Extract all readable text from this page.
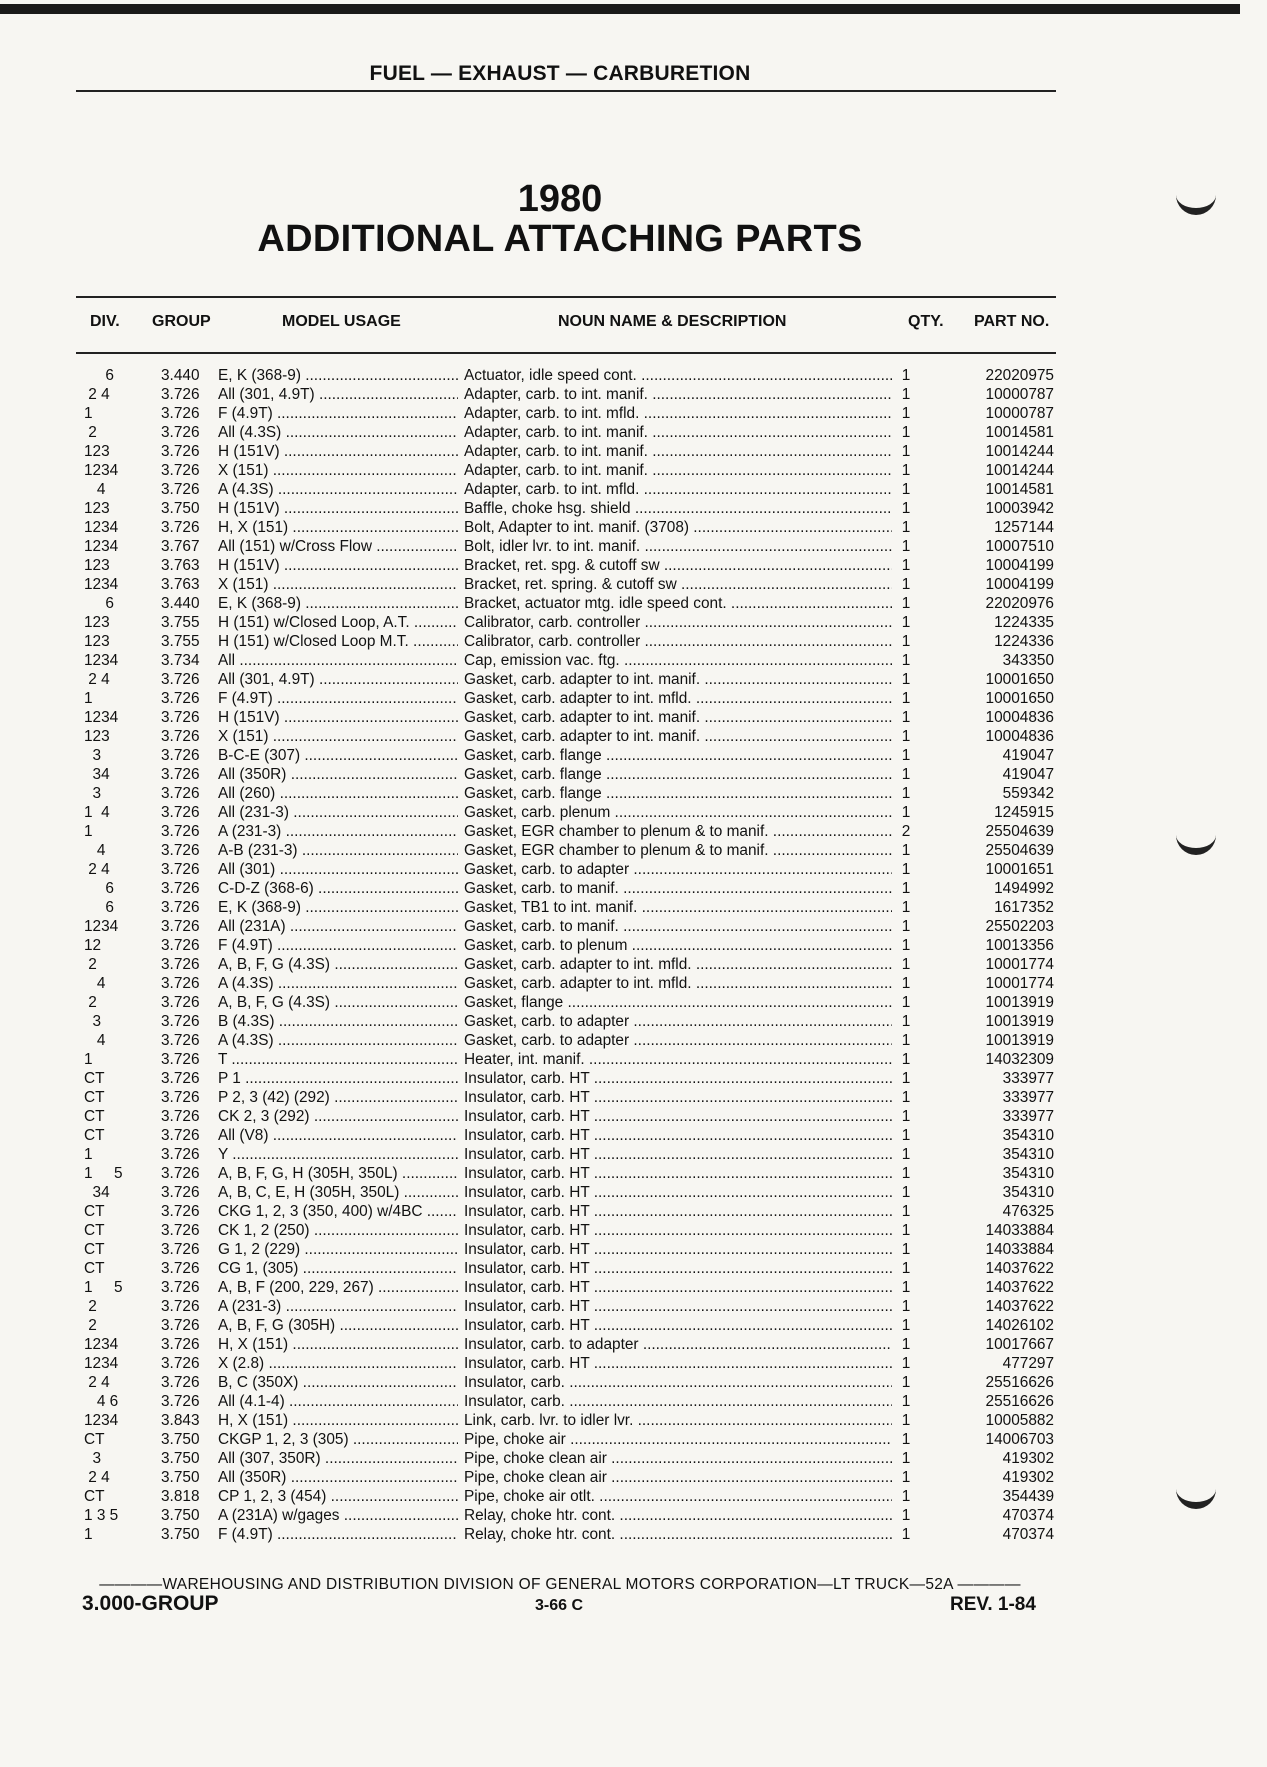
FUEL — EXHAUST — CARBURETION
1980
ADDITIONAL ATTACHING PARTS
DIV. GROUP	MODEL USAGE	NOUN NAME & DESCRIPTION	QTY. PART NO.
6	3.440	E, K (368-9) .....	Actuator, idle speed cont. .....	1	22020975
2 4	3.726	All (301, 4.9T) .....	Adapter, carb. to int. manif. .....	1	10000787
1	3.726	F (4.9T) .....	Adapter, carb. to int. mfld. .....	1	10000787
2	3.726	All (4.3S) .....	Adapter, carb. to int. manif. .....	1	10014581
123	3.726	H (151V) .....	Adapter, carb. to int. manif. .....	1	10014244
1234	3.726	X (151) .....	Adapter, carb. to int. manif. .....	1	10014244
4	3.726	A (4.3S) .....	Adapter, carb. to int. mfld. .....	1	10014581
123	3.750	H (151V) .....	Baffle, choke hsg. shield .....	1	10003942
1234	3.726	H, X (151) .....	Bolt, Adapter to int. manif. (3708) .....	1	1257144
1234	3.767	All (151) w/Cross Flow .....	Bolt, idler lvr. to int. manif. .....	1	10007510
123	3.763	H (151V) .....	Bracket, ret. spg. & cutoff sw .....	1	10004199
1234	3.763	X (151) .....	Bracket, ret. spring. & cutoff sw .....	1	10004199
6	3.440	E, K (368-9) .....	Bracket, actuator mtg. idle speed cont. .....	1	22020976
123	3.755	H (151) w/Closed Loop, A.T. .....	Calibrator, carb. controller .....	1	1224335
123	3.755	H (151) w/Closed Loop M.T. .....	Calibrator, carb. controller .....	1	1224336
1234	3.734	All .....	Cap, emission vac. ftg. .....	1	343350
2 4	3.726	All (301, 4.9T) .....	Gasket, carb. adapter to int. manif. .....	1	10001650
1	3.726	F (4.9T) .....	Gasket, carb. adapter to int. mfld. .....	1	10001650
1234	3.726	H (151V) .....	Gasket, carb. adapter to int. manif. .....	1	10004836
123	3.726	X (151) .....	Gasket, carb. adapter to int. manif. .....	1	10004836
3	3.726	B-C-E (307) .....	Gasket, carb. flange .....	1	419047
34	3.726	All (350R) .....	Gasket, carb. flange .....	1	419047
3	3.726	All (260) .....	Gasket, carb. flange .....	1	559342
1  4	3.726	All (231-3) .....	Gasket, carb. plenum .....	1	1245915
1	3.726	A (231-3) .....	Gasket, EGR chamber to plenum & to manif. .....	2	25504639
4	3.726	A-B (231-3) .....	Gasket, EGR chamber to plenum & to manif. .....	1	25504639
2 4	3.726	All (301) .....	Gasket, carb. to adapter .....	1	10001651
6	3.726	C-D-Z (368-6) .....	Gasket, carb. to manif. .....	1	1494992
6	3.726	E, K (368-9) .....	Gasket, TB1 to int. manif. .....	1	1617352
1234	3.726	All (231A) .....	Gasket, carb. to manif. .....	1	25502203
12	3.726	F (4.9T) .....	Gasket, carb. to plenum .....	1	10013356
2	3.726	A, B, F, G (4.3S) .....	Gasket, carb. adapter to int. mfld. .....	1	10001774
4	3.726	A (4.3S) .....	Gasket, carb. adapter to int. mfld. .....	1	10001774
2	3.726	A, B, F, G (4.3S) .....	Gasket, flange .....	1	10013919
3	3.726	B (4.3S) .....	Gasket, carb. to adapter .....	1	10013919
4	3.726	A (4.3S) .....	Gasket, carb. to adapter .....	1	10013919
1	3.726	T .....	Heater, int. manif. .....	1	14032309
CT	3.726	P 1 .....	Insulator, carb. HT .....	1	333977
CT	3.726	P 2, 3 (42) (292) .....	Insulator, carb. HT .....	1	333977
CT	3.726	CK 2, 3 (292) .....	Insulator, carb. HT .....	1	333977
CT	3.726	All (V8) .....	Insulator, carb. HT .....	1	354310
1	3.726	Y .....	Insulator, carb. HT .....	1	354310
1     5	3.726	A, B, F, G, H (305H, 350L) .....	Insulator, carb. HT .....	1	354310
34	3.726	A, B, C, E, H (305H, 350L) .....	Insulator, carb. HT .....	1	354310
CT	3.726	CKG 1, 2, 3 (350, 400) w/4BC .....	Insulator, carb. HT .....	1	476325
CT	3.726	CK 1, 2 (250) .....	Insulator, carb. HT .....	1	14033884
CT	3.726	G 1, 2 (229) .....	Insulator, carb. HT .....	1	14033884
CT	3.726	CG 1, (305) .....	Insulator, carb. HT .....	1	14037622
1     5	3.726	A, B, F (200, 229, 267) .....	Insulator, carb. HT .....	1	14037622
2	3.726	A (231-3) .....	Insulator, carb. HT .....	1	14037622
2	3.726	A, B, F, G (305H) .....	Insulator, carb. HT .....	1	14026102
1234	3.726	H, X (151) .....	Insulator, carb. to adapter .....	1	10017667
1234	3.726	X (2.8) .....	Insulator, carb. HT .....	1	477297
2 4	3.726	B, C (350X) .....	Insulator, carb. .....	1	25516626
4 6	3.726	All (4.1-4) .....	Insulator, carb. .....	1	25516626
1234	3.843	H, X (151) .....	Link, carb. lvr. to idler lvr. .....	1	10005882
CT	3.750	CKGP 1, 2, 3 (305) .....	Pipe, choke air .....	1	14006703
3	3.750	All (307, 350R) .....	Pipe, choke clean air .....	1	419302
2 4	3.750	All (350R) .....	Pipe, choke clean air .....	1	419302
CT	3.818	CP 1, 2, 3 (454) .....	Pipe, choke air otlt. .....	1	354439
1 3 5	3.750	A (231A) w/gages .....	Relay, choke htr. cont. .....	1	470374
1	3.750	F (4.9T) .....	Relay, choke htr. cont. .....	1	470374
————WAREHOUSING AND DISTRIBUTION DIVISION OF GENERAL MOTORS CORPORATION—LT TRUCK—52A ————
3.000-GROUP	3-66 C	REV. 1-84
